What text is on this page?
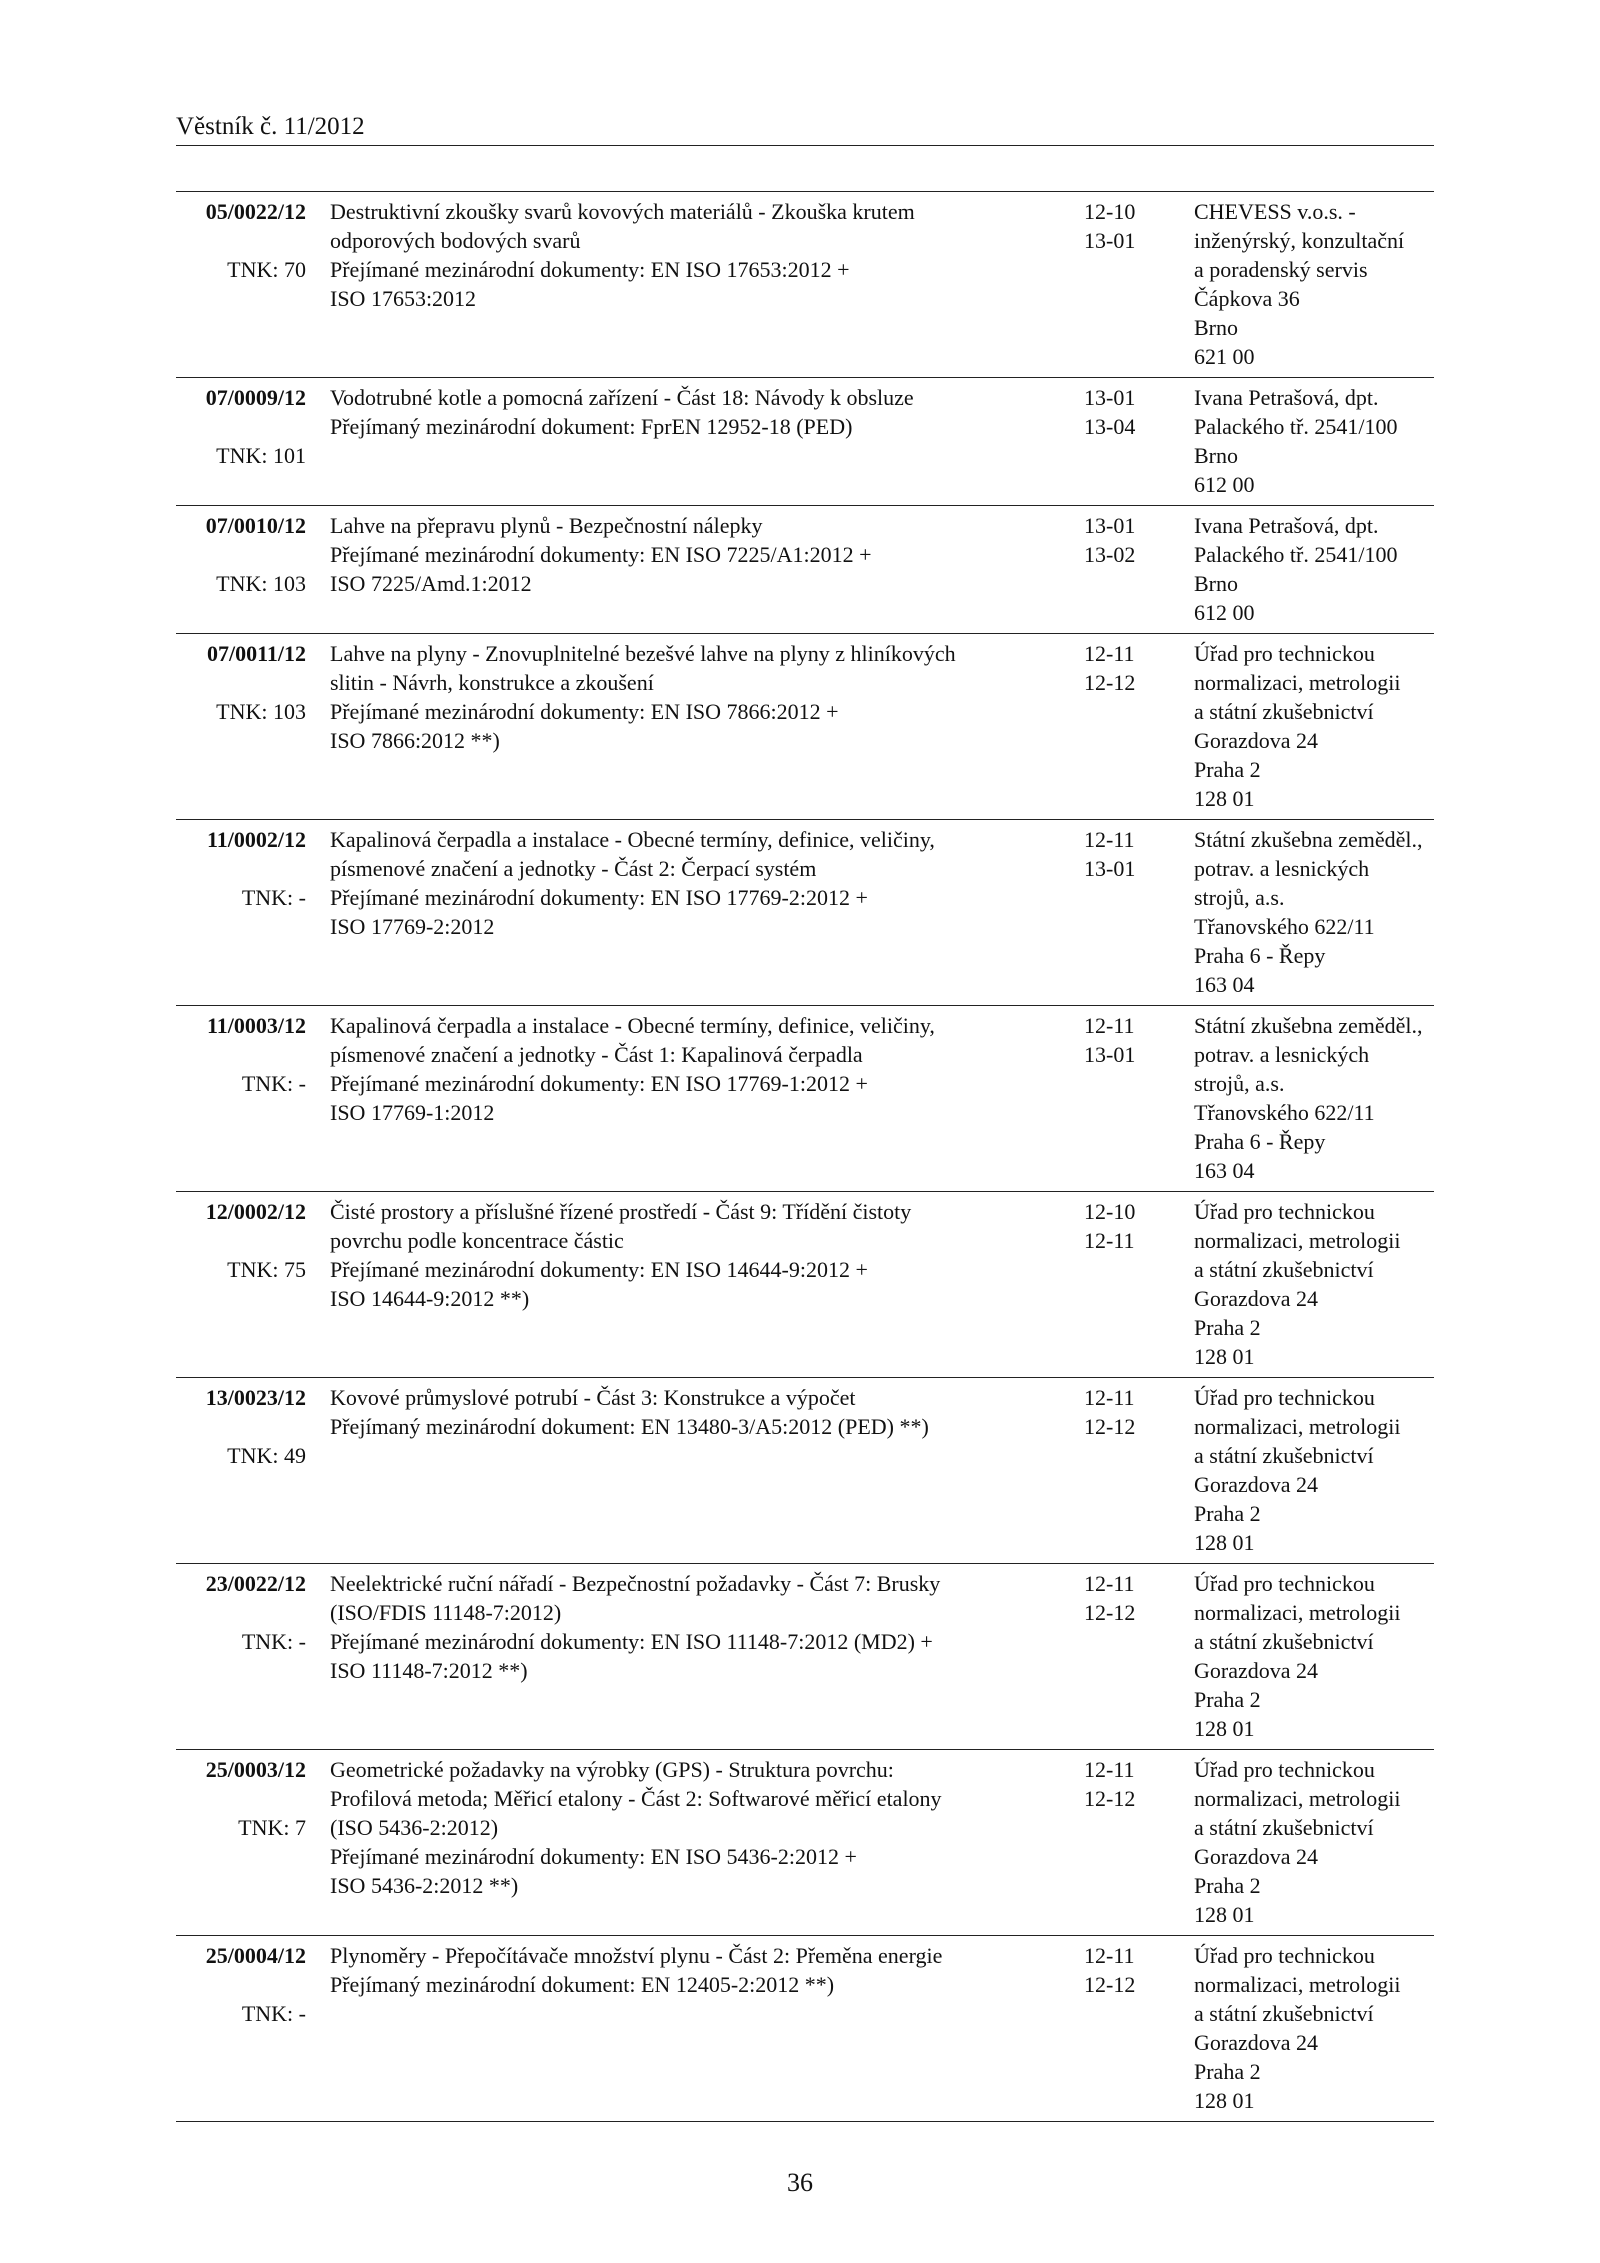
Věstník č. 11/2012
05/0022/12
TNK: 70
Destruktivní zkoušky svarů kovových materiálů - Zkouška krutem
odporových bodových svarů
Přejímané mezinárodní dokumenty: EN ISO 17653:2012 +
ISO 17653:2012
12-10
13-01
CHEVESS v.o.s. -
inženýrský, konzultační
a poradenský servis
Čápkova 36
Brno
621 00
07/0009/12
TNK: 101
Vodotrubné kotle a pomocná zařízení - Část 18: Návody k obsluze
Přejímaný mezinárodní dokument: FprEN 12952-18 (PED)
13-01
13-04
Ivana Petrašová, dpt.
Palackého tř. 2541/100
Brno
612 00
07/0010/12
TNK: 103
Lahve na přepravu plynů - Bezpečnostní nálepky
Přejímané mezinárodní dokumenty: EN ISO 7225/A1:2012 +
ISO 7225/Amd.1:2012
13-01
13-02
Ivana Petrašová, dpt.
Palackého tř. 2541/100
Brno
612 00
07/0011/12
TNK: 103
Lahve na plyny - Znovuplnitelné bezešvé lahve na plyny z hliníkových
slitin - Návrh, konstrukce a zkoušení
Přejímané mezinárodní dokumenty: EN ISO 7866:2012 +
ISO 7866:2012 **)
12-11
12-12
Úřad pro technickou
normalizaci, metrologii
a státní zkušebnictví
Gorazdova 24
Praha 2
128 01
11/0002/12
TNK: -
Kapalinová čerpadla a instalace - Obecné termíny, definice, veličiny,
písmenové značení a jednotky - Část 2: Čerpací systém
Přejímané mezinárodní dokumenty: EN ISO 17769-2:2012 +
ISO 17769-2:2012
12-11
13-01
Státní zkušebna zeměděl.,
potrav. a lesnických
strojů, a.s.
Třanovského 622/11
Praha 6 - Řepy
163 04
11/0003/12
TNK: -
Kapalinová čerpadla a instalace - Obecné termíny, definice, veličiny,
písmenové značení a jednotky - Část 1: Kapalinová čerpadla
Přejímané mezinárodní dokumenty: EN ISO 17769-1:2012 +
ISO 17769-1:2012
12-11
13-01
Státní zkušebna zeměděl.,
potrav. a lesnických
strojů, a.s.
Třanovského 622/11
Praha 6 - Řepy
163 04
12/0002/12
TNK: 75
Čisté prostory a příslušné řízené prostředí - Část 9: Třídění čistoty
povrchu podle koncentrace částic
Přejímané mezinárodní dokumenty: EN ISO 14644-9:2012 +
ISO 14644-9:2012 **)
12-10
12-11
Úřad pro technickou
normalizaci, metrologii
a státní zkušebnictví
Gorazdova 24
Praha 2
128 01
13/0023/12
TNK: 49
Kovové průmyslové potrubí - Část 3: Konstrukce a výpočet
Přejímaný mezinárodní dokument: EN 13480-3/A5:2012 (PED) **)
12-11
12-12
Úřad pro technickou
normalizaci, metrologii
a státní zkušebnictví
Gorazdova 24
Praha 2
128 01
23/0022/12
TNK: -
Neelektrické ruční nářadí - Bezpečnostní požadavky - Část 7: Brusky
(ISO/FDIS 11148-7:2012)
Přejímané mezinárodní dokumenty: EN ISO 11148-7:2012 (MD2) +
ISO 11148-7:2012 **)
12-11
12-12
Úřad pro technickou
normalizaci, metrologii
a státní zkušebnictví
Gorazdova 24
Praha 2
128 01
25/0003/12
TNK: 7
Geometrické požadavky na výrobky (GPS) - Struktura povrchu:
Profilová metoda; Měřicí etalony - Část 2: Softwarové měřicí etalony
(ISO 5436-2:2012)
Přejímané mezinárodní dokumenty: EN ISO 5436-2:2012 +
ISO 5436-2:2012 **)
12-11
12-12
Úřad pro technickou
normalizaci, metrologii
a státní zkušebnictví
Gorazdova 24
Praha 2
128 01
25/0004/12
TNK: -
Plynoměry - Přepočítávače množství plynu - Část 2: Přeměna energie
Přejímaný mezinárodní dokument: EN 12405-2:2012 **)
12-11
12-12
Úřad pro technickou
normalizaci, metrologii
a státní zkušebnictví
Gorazdova 24
Praha 2
128 01
36
